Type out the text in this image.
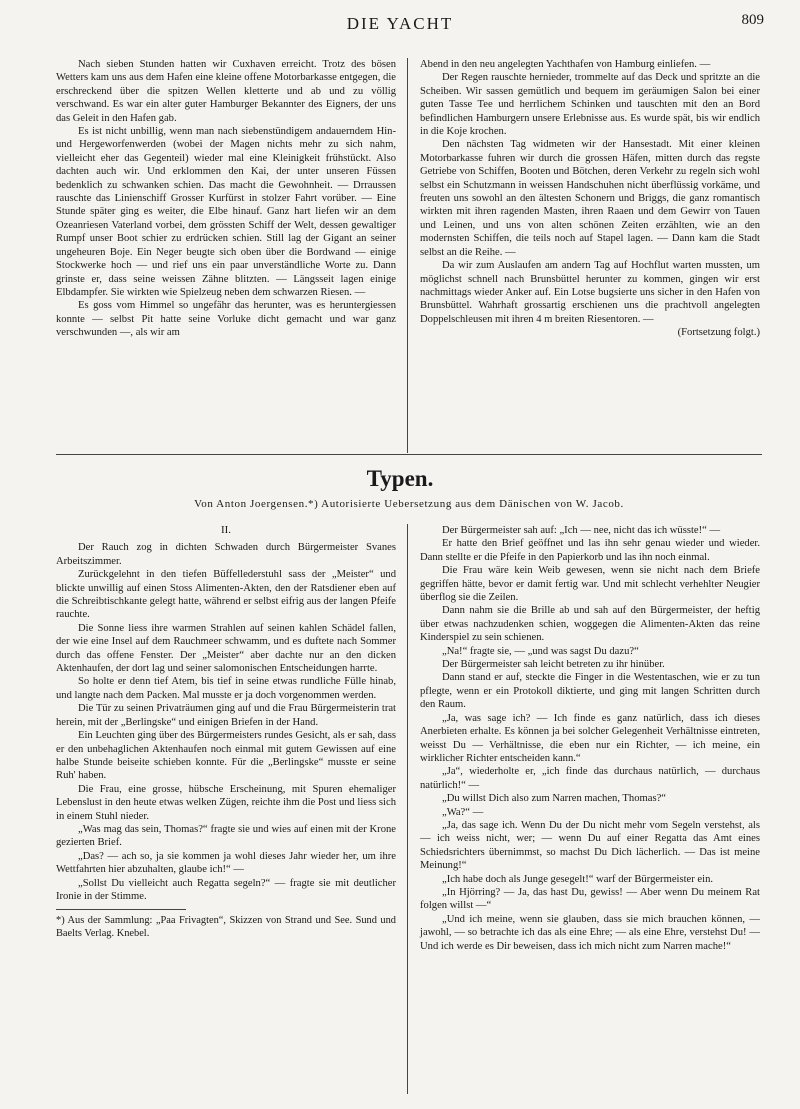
DIE YACHT	809

Nach sieben Stunden hatten wir Cuxhaven erreicht. Trotz des bösen Wetters kam uns aus dem Hafen eine kleine offene Motorbarkasse entgegen, die erschreckend über die spitzen Wellen kletterte und ab und zu völlig verschwand. Es war ein alter guter Hamburger Bekannter des Eigners, der uns das Geleit in den Hafen gab.

Es ist nicht unbillig, wenn man nach siebenstündigem andauerndem Hin- und Hergeworfenwerden (wobei der Magen nichts mehr zu sich nahm, vielleicht eher das Gegenteil) wieder mal eine Kleinigkeit frühstückt. Also dachten auch wir. Und erklommen den Kai, der unter unseren Füssen bedenklich zu schwanken schien. Das macht die Gewohnheit. — Drraussen rauschte das Linienschiff Grosser Kurfürst in stolzer Fahrt vorüber. — Eine Stunde später ging es weiter, die Elbe hinauf. Ganz hart liefen wir an dem Ozeanriesen Vaterland vorbei, dem grössten Schiff der Welt, dessen gewaltiger Rumpf unser Boot schier zu erdrücken schien. Still lag der Gigant an seiner ungeheuren Boje. Ein Neger beugte sich oben über die Bordwand — einige Stockwerke hoch — und rief uns ein paar unverständliche Worte zu. Dann grinste er, dass seine weissen Zähne blitzten. — Längsseit lagen einige Elbdampfer. Sie wirkten wie Spielzeug neben dem schwarzen Riesen. —

Es goss vom Himmel so ungefähr das herunter, was es heruntergiessen konnte — selbst Pit hatte seine Vorluke dicht gemacht und war ganz verschwunden —, als wir am

Abend in den neu angelegten Yachthafen von Hamburg einliefen. —

Der Regen rauschte hernieder, trommelte auf das Deck und spritzte an die Scheiben. Wir sassen gemütlich und bequem im geräumigen Salon bei einer guten Tasse Tee und herrlichem Schinken und tauschten mit den an Bord befindlichen Hamburgern unsere Erlebnisse aus. Es wurde spät, bis wir endlich in die Koje krochen.

Den nächsten Tag widmeten wir der Hansestadt. Mit einer kleinen Motorbarkasse fuhren wir durch die grossen Häfen, mitten durch das regste Getriebe von Schiffen, Booten und Bötchen, deren Verkehr zu regeln sich wohl selbst ein Schutzmann in weissen Handschuhen nicht überflüssig vorkäme, und freuten uns sowohl an den ältesten Schonern und Briggs, die ganz romantisch wirkten mit ihren ragenden Masten, ihren Raaen und dem Gewirr von Tauen und Leinen, und uns von alten schönen Zeiten erzählten, wie an den modernsten Schiffen, die teils noch auf Stapel lagen. — Dann kam die Stadt selbst an die Reihe. —

Da wir zum Auslaufen am andern Tag auf Hochflut warten mussten, um möglichst schnell nach Brunsbüttel herunter zu kommen, gingen wir erst nachmittags wieder Anker auf. Ein Lotse bugsierte uns sicher in den Hafen von Brunsbüttel. Wahrhaft grossartig erschienen uns die prachtvoll angelegten Doppelschleusen mit ihren 4 m breiten Riesentoren. —

(Fortsetzung folgt.)

Typen.
Von Anton Joergensen.*) Autorisierte Uebersetzung aus dem Dänischen von W. Jacob.
II.

Der Rauch zog in dichten Schwaden durch Bürgermeister Svanes Arbeitszimmer.

Zurückgelehnt in den tiefen Büffellederstuhl sass der „Meister“ und blickte unwillig auf einen Stoss Alimenten-Akten, den der Ratsdiener eben auf die Schreibtischkante gelegt hatte, während er selbst eifrig aus der langen Pfeife rauchte.

Die Sonne liess ihre warmen Strahlen auf seinen kahlen Schädel fallen, der wie eine Insel auf dem Rauchmeer schwamm, und es duftete nach Sommer durch das offene Fenster. Der „Meister“ aber dachte nur an den dicken Aktenhaufen, der dort lag und seiner salomonischen Entscheidungen harrte.

So holte er denn tief Atem, bis tief in seine etwas rundliche Fülle hinab, und langte nach dem Packen. Mal musste er ja doch vorgenommen werden.

Die Tür zu seinen Privaträumen ging auf und die Frau Bürgermeisterin trat herein, mit der „Berlingske“ und einigen Briefen in der Hand.

Ein Leuchten ging über des Bürgermeisters rundes Gesicht, als er sah, dass er den unbehaglichen Aktenhaufen noch einmal mit gutem Gewissen auf eine halbe Stunde beiseite schieben konnte. Für die „Berlingske“ musste er seine Ruh' haben.

Die Frau, eine grosse, hübsche Erscheinung, mit Spuren ehemaliger Lebenslust in den heute etwas welken Zügen, reichte ihm die Post und liess sich in einem Stuhl nieder.

„Was mag das sein, Thomas?“ fragte sie und wies auf einen mit der Krone gezierten Brief.

„Das? — ach so, ja sie kommen ja wohl dieses Jahr wieder her, um ihre Wettfahrten hier abzuhalten, glaube ich!“ —

„Sollst Du vielleicht auch Regatta segeln?“ — fragte sie mit deutlicher Ironie in der Stimme.

*) Aus der Sammlung: „Paa Frivagten“, Skizzen von Strand und See. Sund und Baelts Verlag. Knebel.

Der Bürgermeister sah auf: „Ich — nee, nicht das ich wüsste!“ —

Er hatte den Brief geöffnet und las ihn sehr genau wieder und wieder. Dann stellte er die Pfeife in den Papierkorb und las ihn noch einmal.

Die Frau wäre kein Weib gewesen, wenn sie nicht nach dem Briefe gegriffen hätte, bevor er damit fertig war. Und mit schlecht verhehlter Neugier überflog sie die Zeilen.

Dann nahm sie die Brille ab und sah auf den Bürgermeister, der heftig über etwas nachzudenken schien, woggegen die Alimenten-Akten das reine Kinderspiel zu sein schienen.

„Na!“ fragte sie, — „und was sagst Du dazu?“

Der Bürgermeister sah leicht betreten zu ihr hinüber.

Dann stand er auf, steckte die Finger in die Westentaschen, wie er zu tun pflegte, wenn er ein Protokoll diktierte, und ging mit langen Schritten durch den Raum.

„Ja, was sage ich? — Ich finde es ganz natürlich, dass ich dieses Anerbieten erhalte. Es können ja bei solcher Gelegenheit Verhältnisse eintreten, weisst Du — Verhältnisse, die eben nur ein Richter, — ich meine, ein wirklicher Richter entscheiden kann.“

„Ja“, wiederholte er, „ich finde das durchaus natürlich, — durchaus natürlich!“ —

„Du willst Dich also zum Narren machen, Thomas?“

„Wa?“ —

„Ja, das sage ich. Wenn Du der Du nicht mehr vom Segeln verstehst, als — ich weiss nicht, wer; — wenn Du auf einer Regatta das Amt eines Schiedsrichters übernimmst, so machst Du Dich lächerlich. — Das ist meine Meinung!“

„Ich habe doch als Junge gesegelt!“ warf der Bürgermeister ein.

„In Hjörring? — Ja, das hast Du, gewiss! — Aber wenn Du meinem Rat folgen willst —“

„Und ich meine, wenn sie glauben, dass sie mich brauchen können, — jawohl, — so betrachte ich das als eine Ehre; — als eine Ehre, verstehst Du! — Und ich werde es Dir beweisen, dass ich mich nicht zum Narren mache!“
